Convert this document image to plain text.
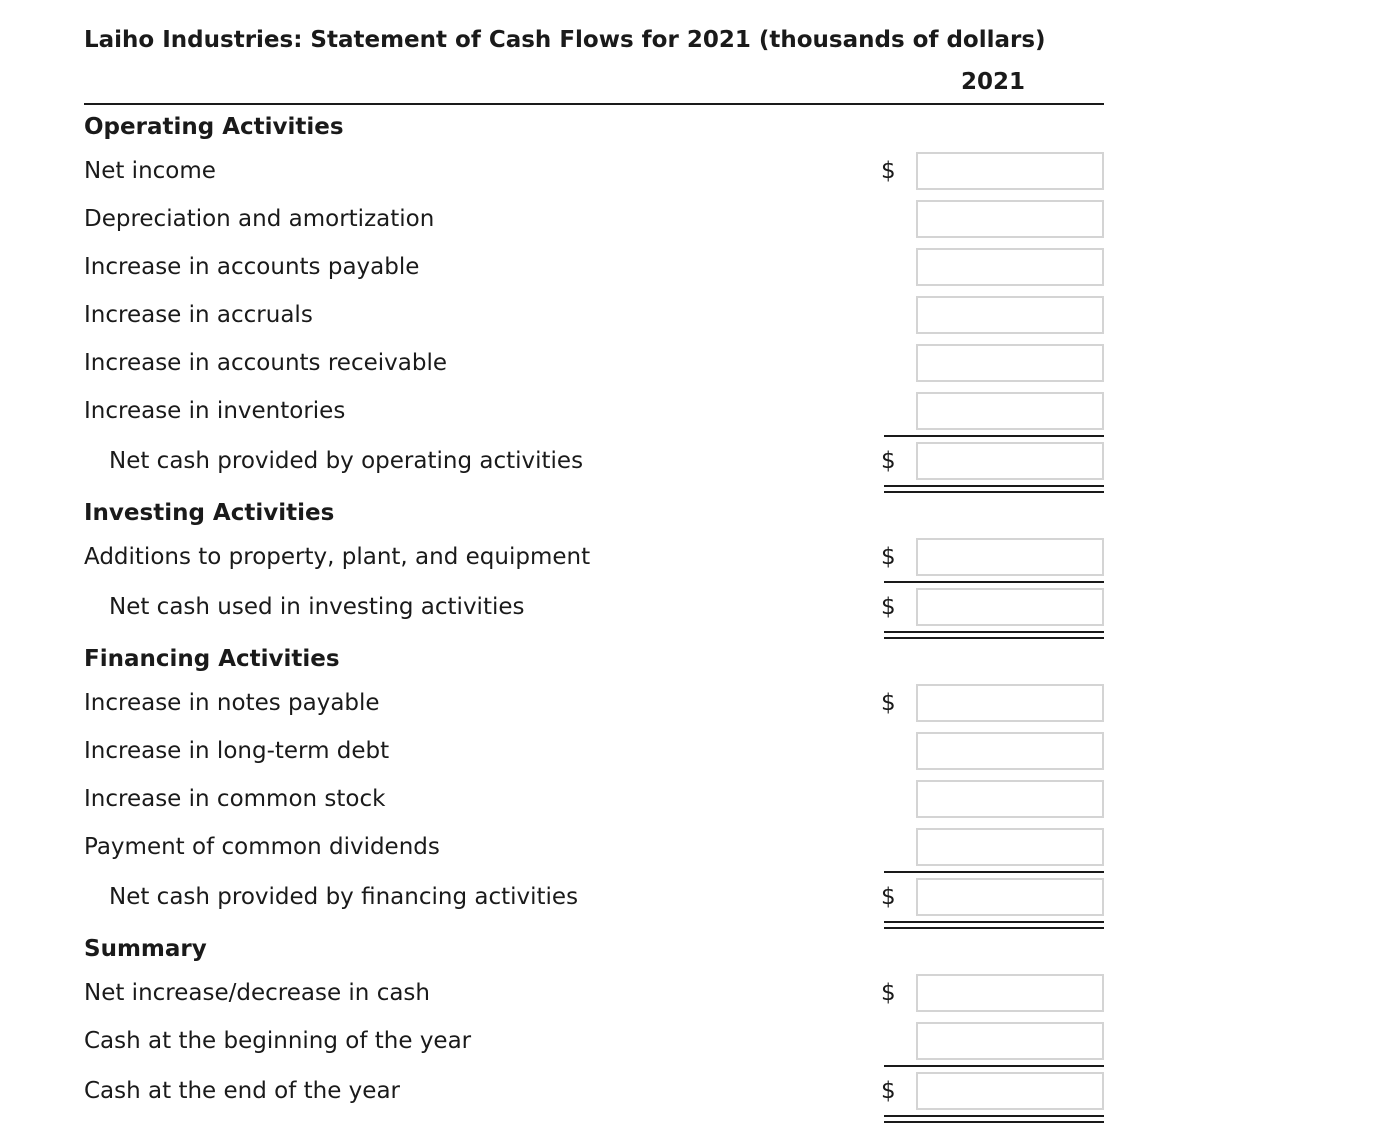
Laiho Industries: Statement of Cash Flows for 2021 (thousands of dollars)
2021
Operating Activities
Net income	$
Depreciation and amortization
Increase in accounts payable
Increase in accruals
Increase in accounts receivable
Increase in inventories
Net cash provided by operating activities	$
Investing Activities
Additions to property, plant, and equipment	$
Net cash used in investing activities	$
Financing Activities
Increase in notes payable	$
Increase in long-term debt
Increase in common stock
Payment of common dividends
Net cash provided by financing activities	$
Summary
Net increase/decrease in cash	$
Cash at the beginning of the year
Cash at the end of the year	$
